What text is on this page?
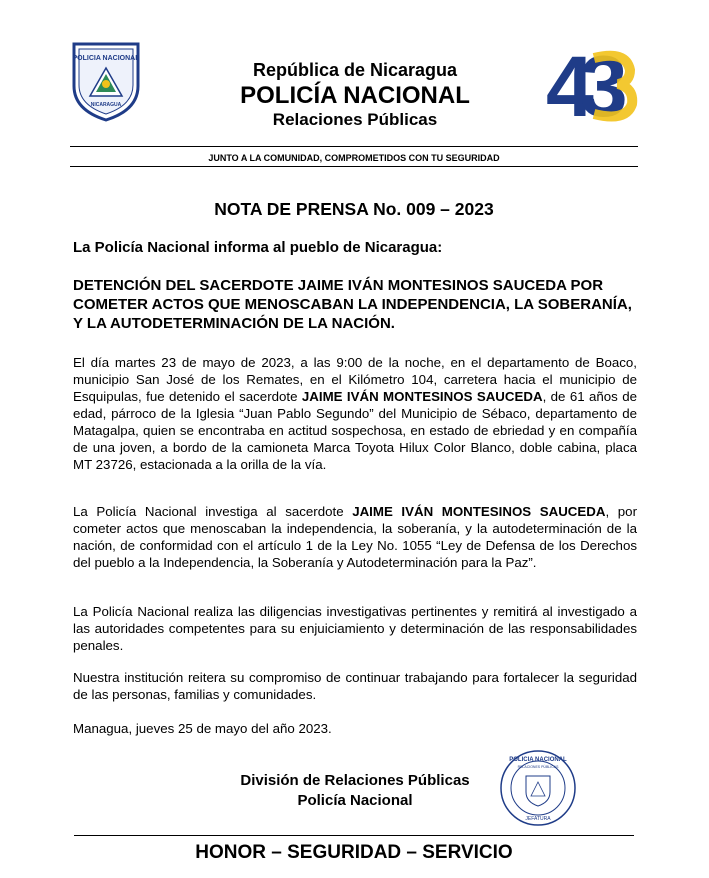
POLICIA NACIONAL
NICARAGUA
República de Nicaragua
POLICÍA NACIONAL
Relaciones Públicas	43
JUNTO A LA COMUNIDAD, COMPROMETIDOS CON TU SEGURIDAD
NOTA DE PRENSA No. 009 – 2023
La Policía Nacional informa al pueblo de Nicaragua:
DETENCIÓN DEL SACERDOTE JAIME IVÁN MONTESINOS SAUCEDA POR COMETER ACTOS QUE MENOSCABAN LA INDEPENDENCIA, LA SOBERANÍA, Y LA AUTODETERMINACIÓN DE LA NACIÓN.
El día martes 23 de mayo de 2023, a las 9:00 de la noche, en el departamento de Boaco, municipio San José de los Remates, en el Kilómetro 104, carretera hacia el municipio de Esquipulas, fue detenido el sacerdote JAIME IVÁN MONTESINOS SAUCEDA, de 61 años de edad, párroco de la Iglesia “Juan Pablo Segundo” del Municipio de Sébaco, departamento de Matagalpa, quien se encontraba en actitud sospechosa, en estado de ebriedad y en compañía de una joven, a bordo de la camioneta Marca Toyota Hilux Color Blanco, doble cabina, placa MT 23726, estacionada a la orilla de la vía.
La Policía Nacional investiga al sacerdote JAIME IVÁN MONTESINOS SAUCEDA, por cometer actos que menoscaban la independencia, la soberanía, y la autodeterminación de la nación, de conformidad con el artículo 1 de la Ley No. 1055 “Ley de Defensa de los Derechos del pueblo a la Independencia, la Soberanía y Autodeterminación para la Paz”.
La Policía Nacional realiza las diligencias investigativas pertinentes y remitirá al investigado a las autoridades competentes para su enjuiciamiento y determinación de las responsabilidades penales.
Nuestra institución reitera su compromiso de continuar trabajando para fortalecer la seguridad de las personas, familias y comunidades.
Managua, jueves 25 de mayo del año 2023.
División de Relaciones Públicas
Policía Nacional
POLICIA NACIONAL
RELACIONES PÚBLICAS
JEFATURA
HONOR – SEGURIDAD – SERVICIO
